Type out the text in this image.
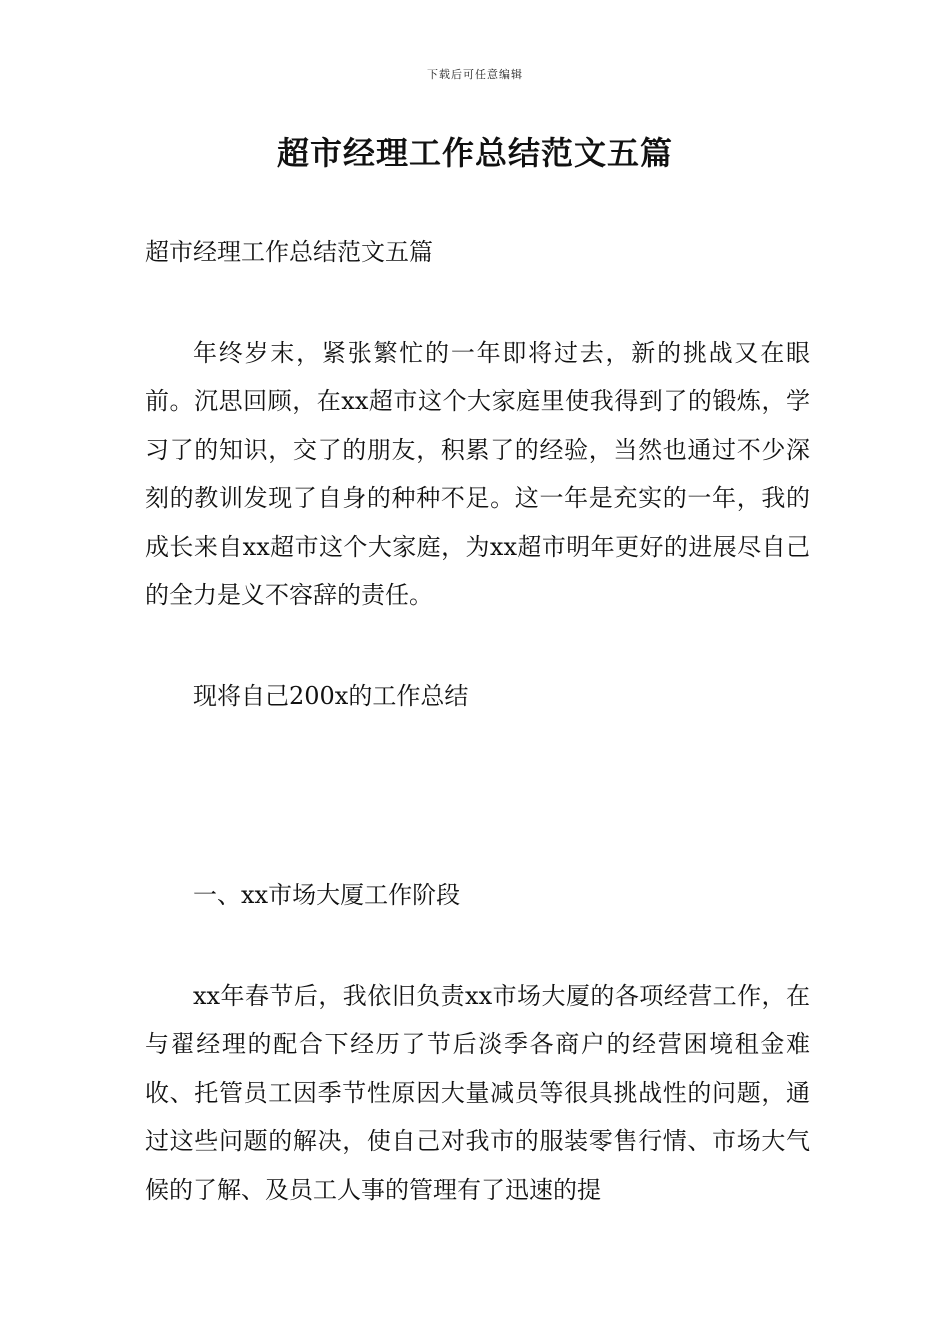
下载后可任意编辑
超市经理工作总结范文五篇

超市经理工作总结范文五篇

年终岁末，紧张繁忙的一年即将过去，新的挑战又在眼前。沉思回顾，在xx超市这个大家庭里使我得到了的锻炼，学习了的知识，交了的朋友，积累了的经验，当然也通过不少深刻的教训发现了自身的种种不足。这一年是充实的一年，我的成长来自xx超市这个大家庭，为xx超市明年更好的进展尽自己的全力是义不容辞的责任。

现将自己200x的工作总结

一、xx市场大厦工作阶段

xx年春节后，我依旧负责xx市场大厦的各项经营工作，在与翟经理的配合下经历了节后淡季各商户的经营困境租金难收、托管员工因季节性原因大量减员等很具挑战性的问题，通过这些问题的解决，使自己对我市的服装零售行情、市场大气候的了解、及员工人事的管理有了迅速的提
